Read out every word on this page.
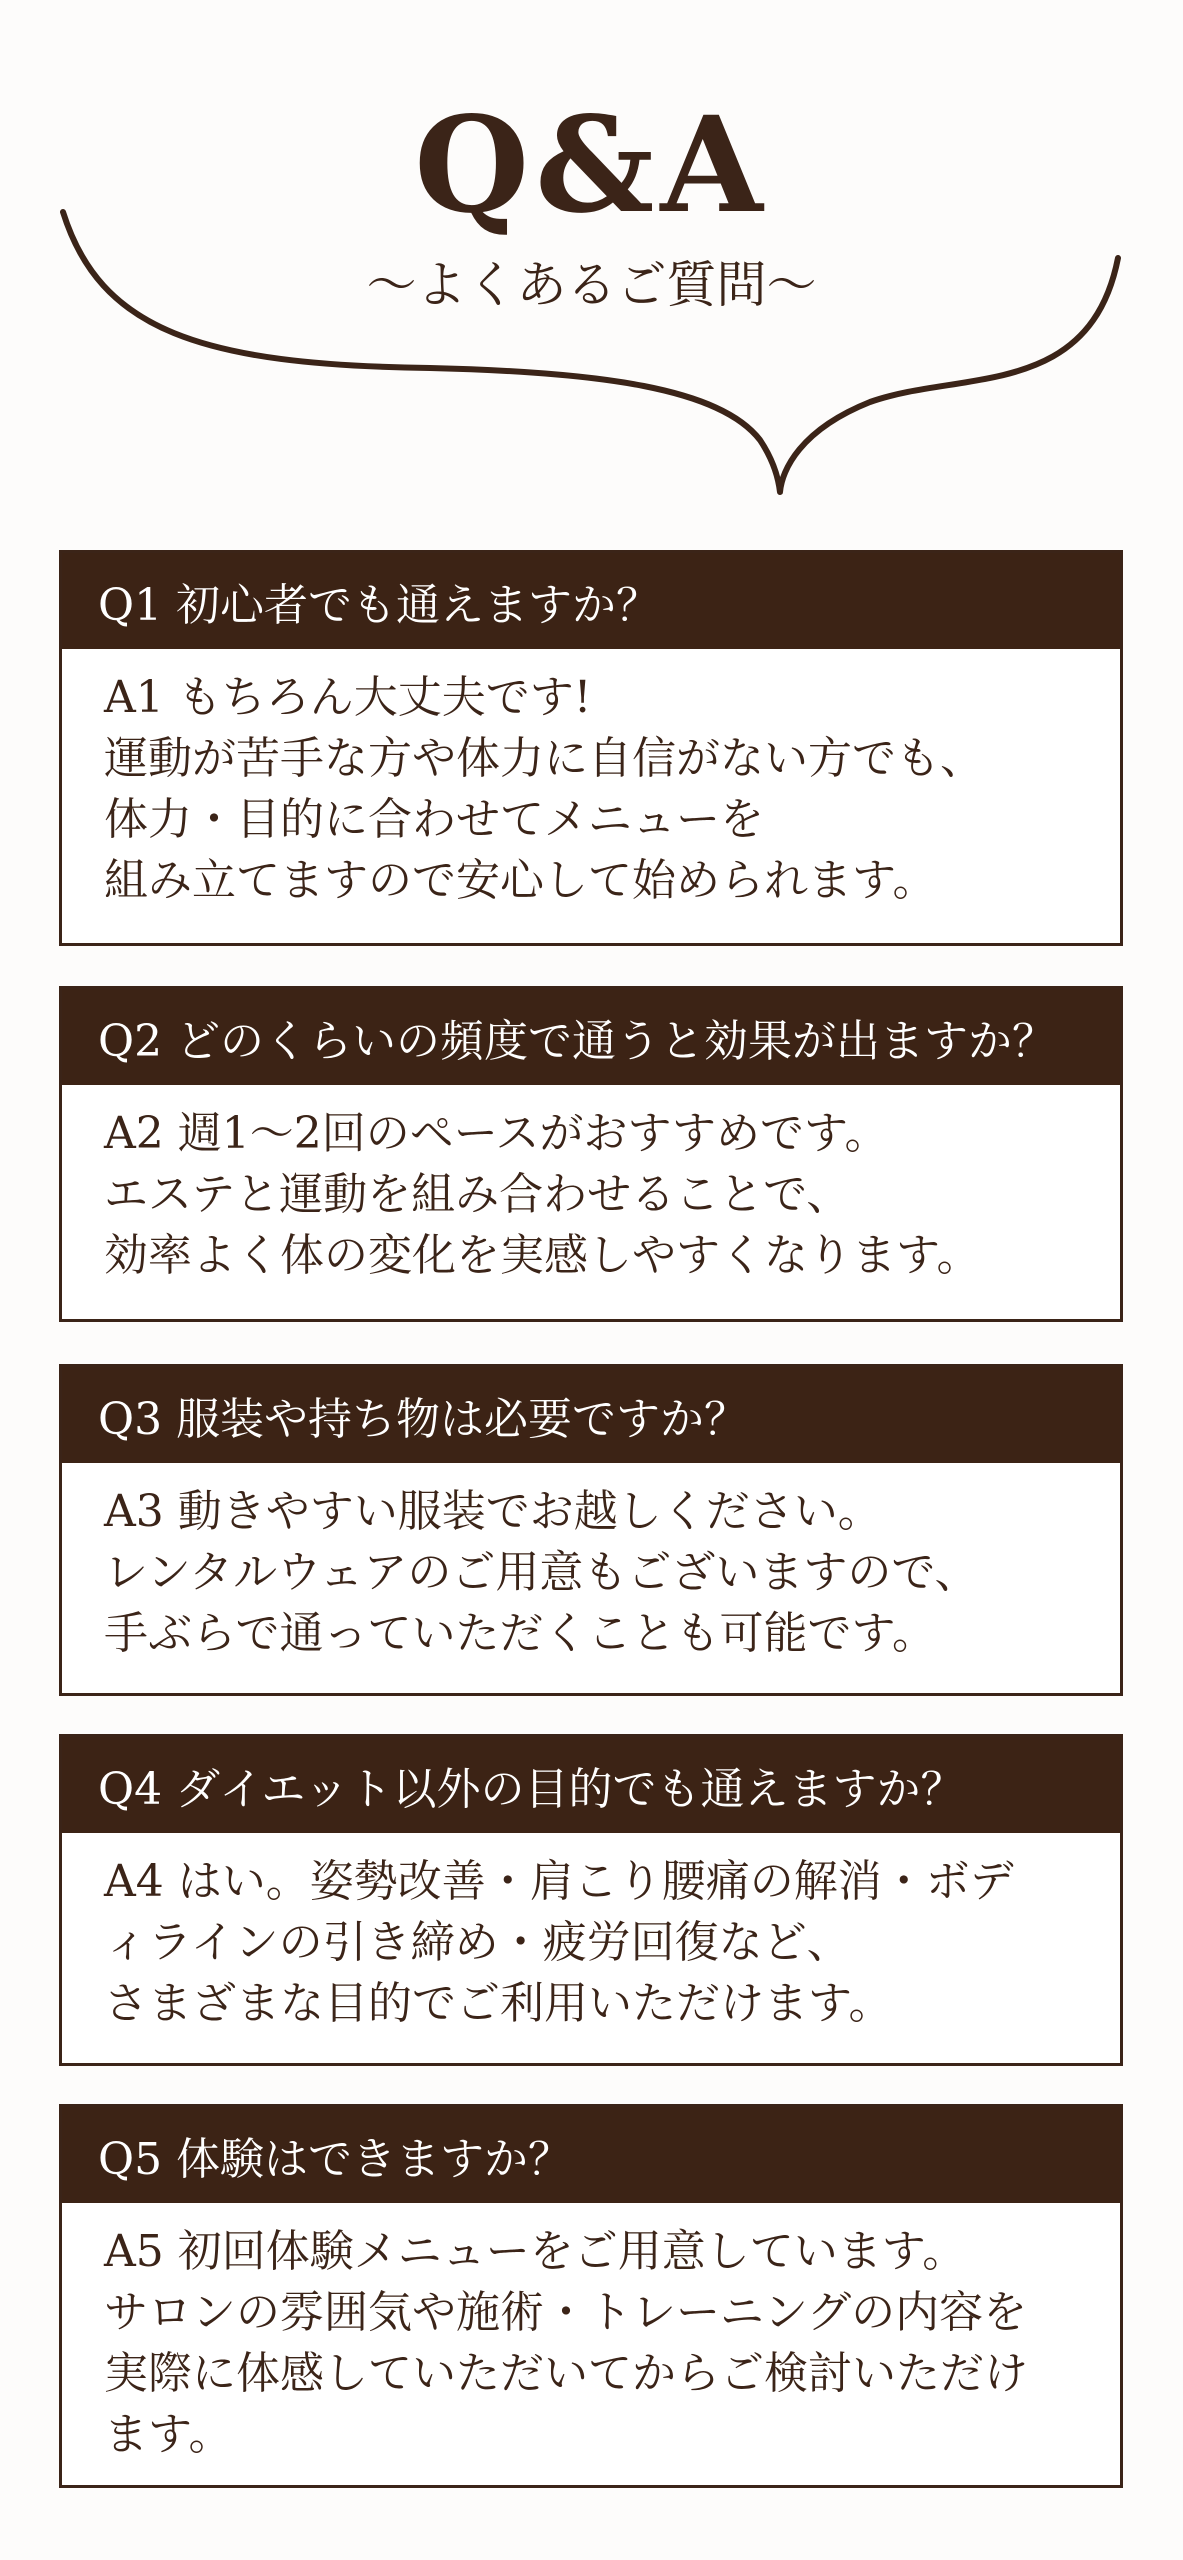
Q&A
〜よくあるご質問〜
Q1 初心者でも通えますか？
A1 もちろん大丈夫です!
運動が苦手な方や体力に自信がない方でも、
体力・目的に合わせてメニューを
組み立てますので安心して始められます。
Q2 どのくらいの頻度で通うと効果が出ますか？
A2 週1〜2回のペースがおすすめです。
エステと運動を組み合わせることで、
効率よく体の変化を実感しやすくなります。
Q3 服装や持ち物は必要ですか？
A3 動きやすい服装でお越しください。
レンタルウェアのご用意もございますので、
手ぶらで通っていただくことも可能です。
Q4 ダイエット以外の目的でも通えますか？
A4 はい。姿勢改善・肩こり腰痛の解消・ボデ
ィラインの引き締め・疲労回復など、
さまざまな目的でご利用いただけます。
Q5 体験はできますか？
A5 初回体験メニューをご用意しています。
サロンの雰囲気や施術・トレーニングの内容を
実際に体感していただいてからご検討いただけ
ます。
